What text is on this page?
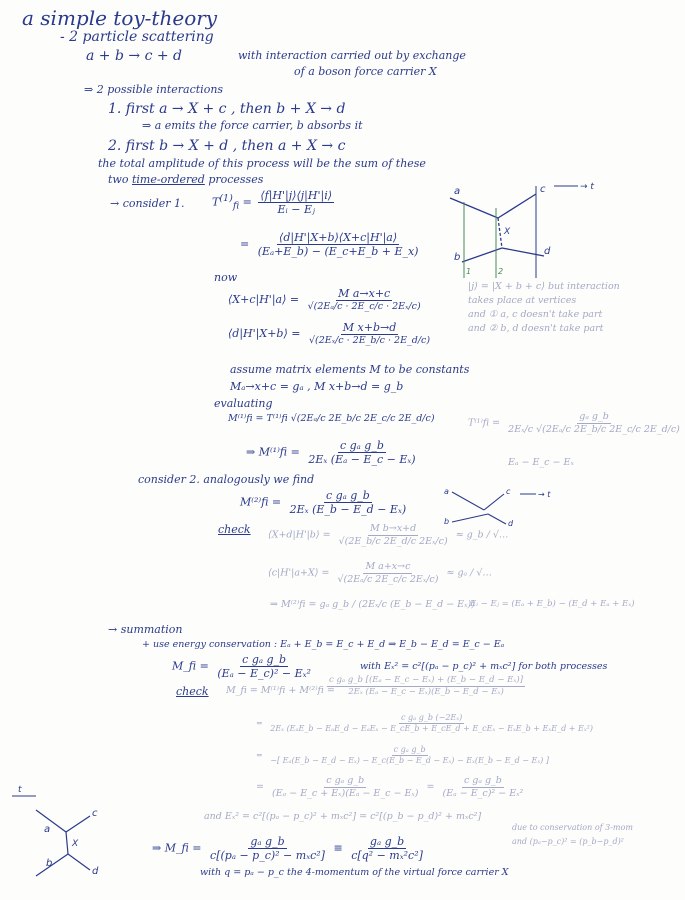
a simple toy-theory
- 2 particle scattering
a + b → c + d	with interaction carried out by exchange
of a boson force carrier X
⇒ 2 possible interactions
1. first a → X + c , then b + X → d
⇒ a emits the force carrier, b absorbs it
2. first b → X + d , then a + X → c
the total amplitude of this process will be the sum of these
two time-ordered processes
→ consider 1. $T^{(1)}_{fi} = \frac{⟨f|H'|j⟩⟨j|H'|i⟩}{\text{Eᵢ − Eⱼ}}$
= $\frac{⟨d|H'|X+b⟩⟨X+c|H'|a⟩}{\text{(Eₐ+E\_b) − (E\_c+E\_b + E\_x)}}$
now
⟨X+c|H'|a⟩ = $\frac{\text{M a→x+c}}{\text{√(2Eₐ/c · 2E\_c/c · 2Eₓ/c)}}$
⟨d|H'|X+b⟩ = $\frac{\text{M x+b→d}}{\text{√(2Eₓ/c · 2E\_b/c · 2E\_d/c)}}$
assume matrix elements M to be constants
Mₐ→x+c = gₐ , M x+b→d = g_b
evaluating
M⁽¹⁾fi = T⁽¹⁾fi √(2Eₐ/c 2E_b/c 2E_c/c 2E_d/c)
⇒ $M^{(1)}fi = \frac{\text{c gₐ g\_b}}{\text{2Eₓ (Eₐ − E\_c − Eₓ)}}$
$T^{(1)}fi = \frac{\text{gₐ g\_b}}{\text{2Eₓ/c √(2Eₐ/c 2E\_b/c 2E\_c/c 2E\_d/c)}}$
Eₐ − E_c − Eₓ
consider 2. analogously we find
$M^{(2)}fi = \frac{\text{c gₐ g\_b}}{\text{2Eₓ (E\_b − E\_d − Eₓ)}}$
check ⟨X+d|H'|b⟩ = $\frac{\text{M b→x+d}}{\text{√(2E\_b/c 2E\_d/c 2Eₓ/c)}}$ ≈ g_b / √…
⟨c|H'|a+X⟩ = $\frac{\text{M a+x→c}}{\text{√(2Eₐ/c 2E\_c/c 2Eₓ/c)}} \approx g_a$ / √…
⇒ M⁽²⁾fi = gₐ g_b / (2Eₓ/c (E_b − E_d − Eₓ))
Eᵢ − Eⱼ = (Eₐ + E_b) − (E_d + Eₐ + Eₓ)
→ summation
+ use energy conservation : Eₐ + E_b = E_c + E_d ⇒ E_b − E_d = E_c − Eₐ
M_fi = $\frac{\text{c gₐ g\_b}}{\text{(Eₐ − E\_c)² − Eₓ²}}$	with Eₓ² = c²[(pₐ − p_c)² + mₓc²] for both processes
check M_fi = M⁽¹⁾fi + M⁽²⁾fi =
$\frac{\text{c gₐ g\_b [(Eₐ − E\_c − Eₓ) + (E\_b − E\_d − Eₓ)]}}{\text{2Eₓ (Eₐ − E\_c − Eₓ)(E\_b − E\_d − Eₓ)}}$
=
c gₐ g_b (−2Eₓ)
2Eₓ (EₐE_b − EₐE_d − EₐEₓ − E_cE_b + E_cE_d + E_cEₓ − EₓE_b + EₓE_d + Eₓ²)
=
c gₐ g_b
−[ Eₐ(E_b − E_d − Eₓ) − E_c(E_b − E_d − Eₓ) − Eₓ(E_b − E_d − Eₓ) ]
= $\frac{\text{c gₐ g\_b}}{\text{(Eₐ − E\_c + Eₓ)(Eₐ − E\_c − Eₓ)}} = \frac{\text{c gₐ g\_b}}{\text{(Eₐ − E\_c)² − Eₓ²}}$
and Eₓ² = c²[(pₐ − p_c)² + mₓc²] = c²[(p_b − p_d)² + mₓc²]
due to conservation of 3-mom
and (pₐ−p_c)² = (p_b−p_d)²
⇒ M_fi = $\frac{\text{gₐ g\_b}}{\text{c[(pₐ − p\_c)² − mₓc²]}} \equiv \frac{\text{gₐ g\_b}}{\text{c[q² − mₓ²c²]}}$
with q = pₐ − p_c the 4-momentum of the virtual force carrier X
|j⟩ = |X + b + c⟩ but interaction
takes place at vertices
and ① a, c doesn't take part
and ② b, d doesn't take part
→ t
a	c
b
d
X
1	2
→ t
a
b
c
d
t
a
c
X
b
d
